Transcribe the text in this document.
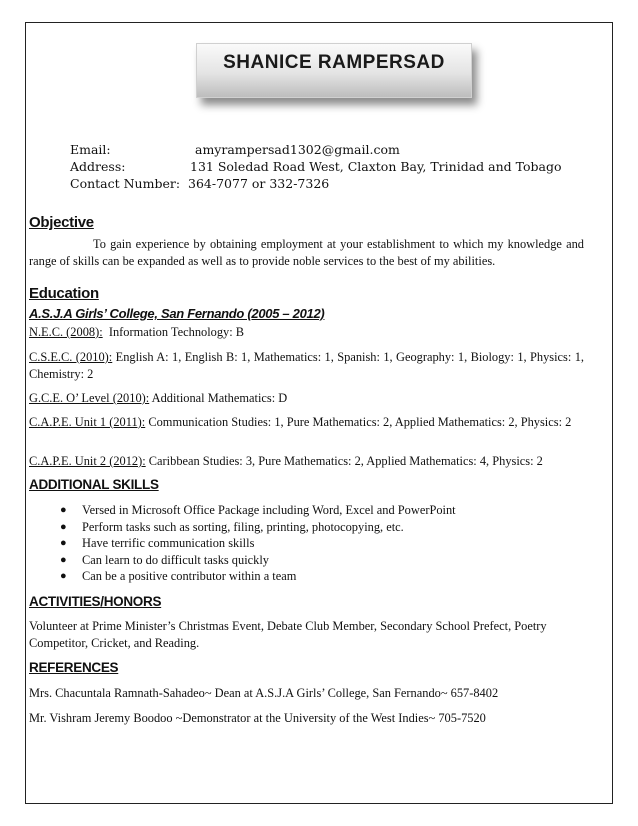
SHANICE RAMPERSAD
Email:	amyrampersad1302@gmail.com
Address:	131 Soledad Road West, Claxton Bay, Trinidad and Tobago
Contact Number: 364-7077 or 332-7326
Objective
To gain experience by obtaining employment at your establishment to which my knowledge and range of skills can be expanded as well as to provide noble services to the best of my abilities.
Education
A.S.J.A Girls’ College, San Fernando (2005 – 2012)
N.E.C. (2008): Information Technology: B
C.S.E.C. (2010): English A: 1, English B: 1, Mathematics: 1, Spanish: 1, Geography: 1, Biology: 1, Physics: 1, Chemistry: 2
G.C.E. O’ Level (2010): Additional Mathematics: D
C.A.P.E. Unit 1 (2011): Communication Studies: 1, Pure Mathematics: 2, Applied Mathematics: 2, Physics: 2
C.A.P.E. Unit 2 (2012): Caribbean Studies: 3, Pure Mathematics: 2, Applied Mathematics: 4, Physics: 2
ADDITIONAL SKILLS
● Versed in Microsoft Office Package including Word, Excel and PowerPoint
● Perform tasks such as sorting, filing, printing, photocopying, etc.
● Have terrific communication skills
● Can learn to do difficult tasks quickly
● Can be a positive contributor within a team
ACTIVITIES/HONORS
Volunteer at Prime Minister’s Christmas Event, Debate Club Member, Secondary School Prefect, Poetry Competitor, Cricket, and Reading.
REFERENCES
Mrs. Chacuntala Ramnath-Sahadeo~ Dean at A.S.J.A Girls’ College, San Fernando~ 657-8402
Mr. Vishram Jeremy Boodoo ~Demonstrator at the University of the West Indies~ 705-7520
